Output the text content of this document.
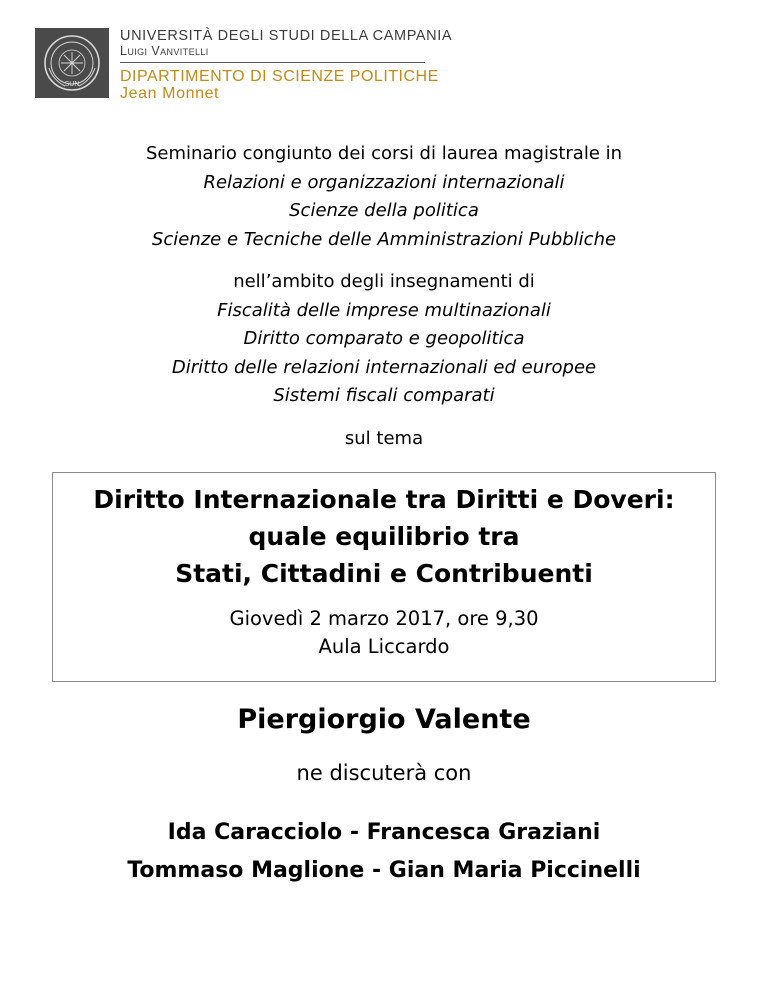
SUN
UNIVERSITÀ DEGLI STUDI DELLA CAMPANIA
Luigi Vanvitelli
DIPARTIMENTO DI SCIENZE POLITICHE
Jean Monnet
Seminario congiunto dei corsi di laurea magistrale in
Relazioni e organizzazioni internazionali
Scienze della politica
Scienze e Tecniche delle Amministrazioni Pubbliche
nell’ambito degli insegnamenti di
Fiscalità delle imprese multinazionali
Diritto comparato e geopolitica
Diritto delle relazioni internazionali ed europee
Sistemi fiscali comparati
sul tema
Diritto Internazionale tra Diritti e Doveri:
quale equilibrio tra
Stati, Cittadini e Contribuenti
Giovedì 2 marzo 2017, ore 9,30
Aula Liccardo
Piergiorgio Valente
ne discuterà con
Ida Caracciolo - Francesca Graziani
Tommaso Maglione - Gian Maria Piccinelli
